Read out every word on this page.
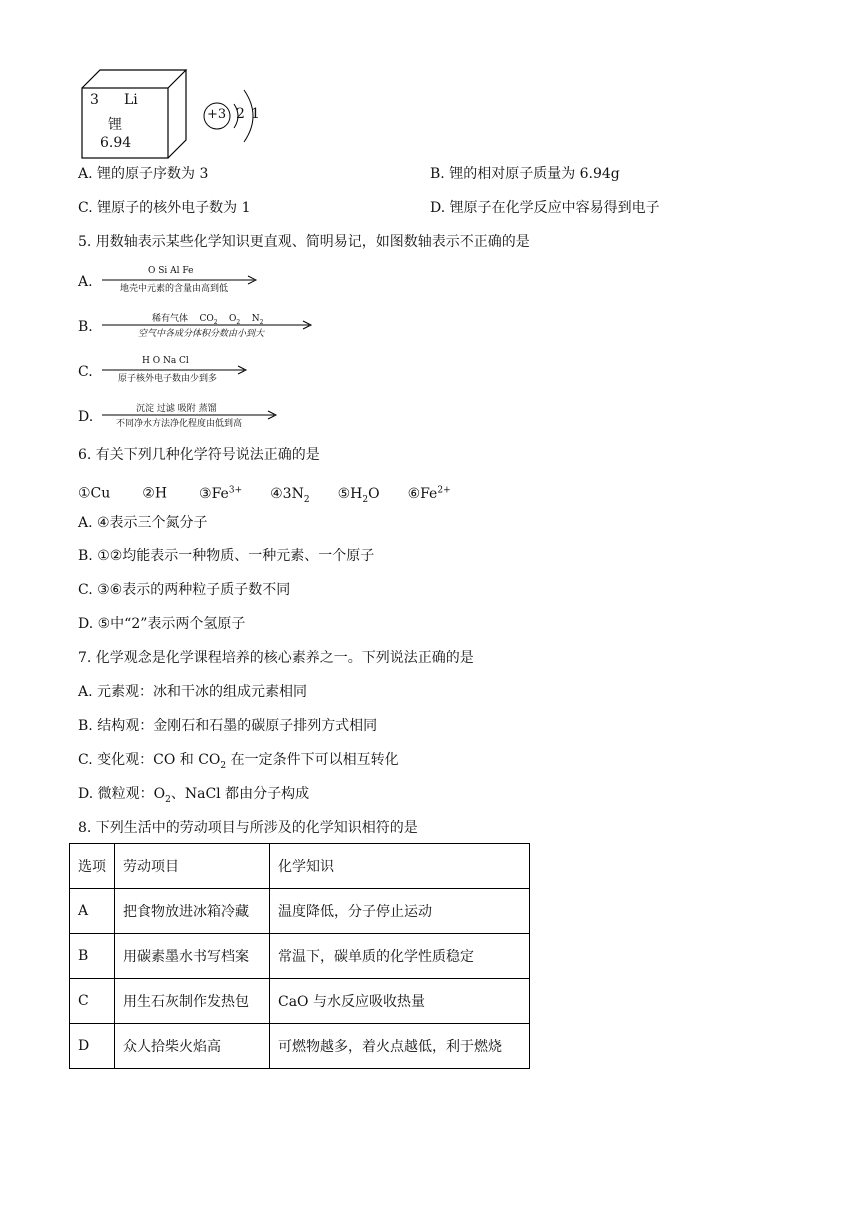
3 Li
锂
6.94
+3 2 1
A. 锂的原子序数为 3	B. 锂的相对原子质量为 6.94g
C. 锂原子的核外电子数为 1	D. 锂原子在化学反应中容易得到电子
5. 用数轴表示某些化学知识更直观、简明易记，如图数轴表示不正确的是
A.
O Si Al Fe
地壳中元素的含量由高到低
B.	稀有气体 $CO_2$ $O_2$ $N_2$
空气中各成分体积分数由小到大
C.
H O Na Cl
原子核外电子数由少到多
D.	沉淀 过滤 吸附 蒸馏
不同净水方法净化程度由低到高
6. 有关下列几种化学符号说法正确的是
①Cu ②H $③Fe^{3+}$ $④3N_2$ $⑤H_2O$ $⑥Fe^{2+}$
A. ④表示三个氮分子
B. ①②均能表示一种物质、一种元素、一个原子
C. ③⑥表示的两种粒子质子数不同
D. ⑤中“2”表示两个氢原子
7. 化学观念是化学课程培养的核心素养之一。下列说法正确的是
A. 元素观：冰和干冰的组成元素相同
B. 结构观：金刚石和石墨的碳原子排列方式相同
C. 变化观：CO 和 $CO_2$ 在一定条件下可以相互转化
D. 微粒观：$O_2$、NaCl 都由分子构成
8. 下列生活中的劳动项目与所涉及的化学知识相符的是
选项	劳动项目	化学知识
A	把食物放进冰箱冷藏	温度降低，分子停止运动
B	用碳素墨水书写档案	常温下，碳单质的化学性质稳定
C	用生石灰制作发热包	CaO 与水反应吸收热量
D	众人拾柴火焰高	可燃物越多，着火点越低，利于燃烧
